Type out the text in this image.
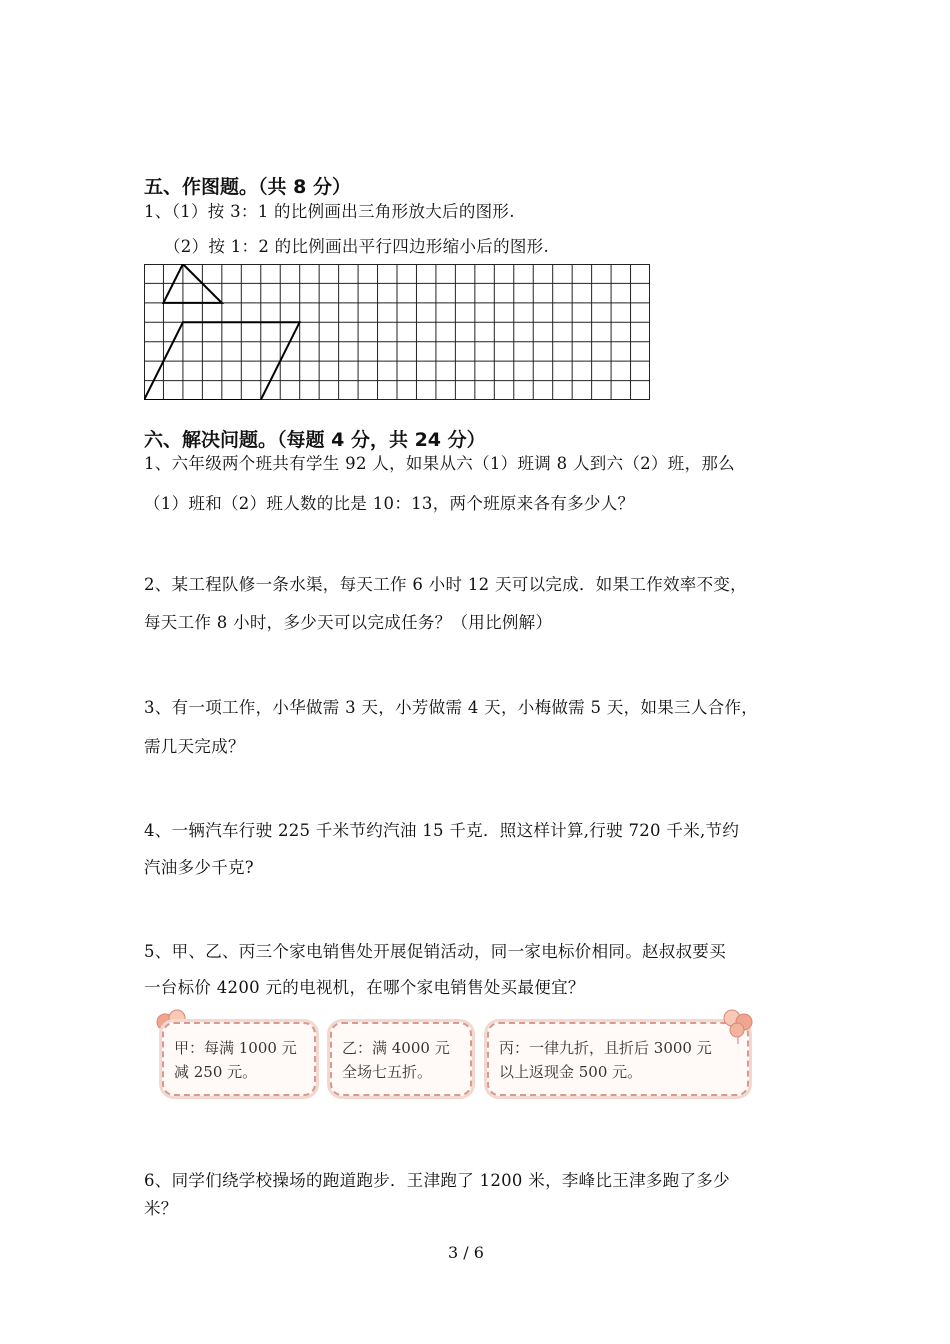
五、作图题。（共 8 分）
1、（1）按 3：1 的比例画出三角形放大后的图形.
（2）按 1：2 的比例画出平行四边形缩小后的图形.
六、解决问题。（每题 4 分，共 24 分）
1、六年级两个班共有学生 92 人，如果从六（1）班调 8 人到六（2）班，那么
（1）班和（2）班人数的比是 10：13，两个班原来各有多少人？
2、某工程队修一条水渠，每天工作 6 小时 12 天可以完成．如果工作效率不变，
每天工作 8 小时，多少天可以完成任务？（用比例解）
3、有一项工作，小华做需 3 天，小芳做需 4 天，小梅做需 5 天，如果三人合作，
需几天完成？
4、一辆汽车行驶 225 千米节约汽油 15 千克．照这样计算,行驶 720 千米,节约
汽油多少千克?
5、甲、乙、丙三个家电销售处开展促销活动，同一家电标价相同。赵叔叔要买
一台标价 4200 元的电视机，在哪个家电销售处买最便宜？
甲：每满 1000 元
减 250 元。
乙：满 4000 元
全场七五折。
丙：一律九折，且折后 3000 元
以上返现金 500 元。
6、同学们绕学校操场的跑道跑步．王津跑了 1200 米，李峰比王津多跑了多少
米？
3 / 6
